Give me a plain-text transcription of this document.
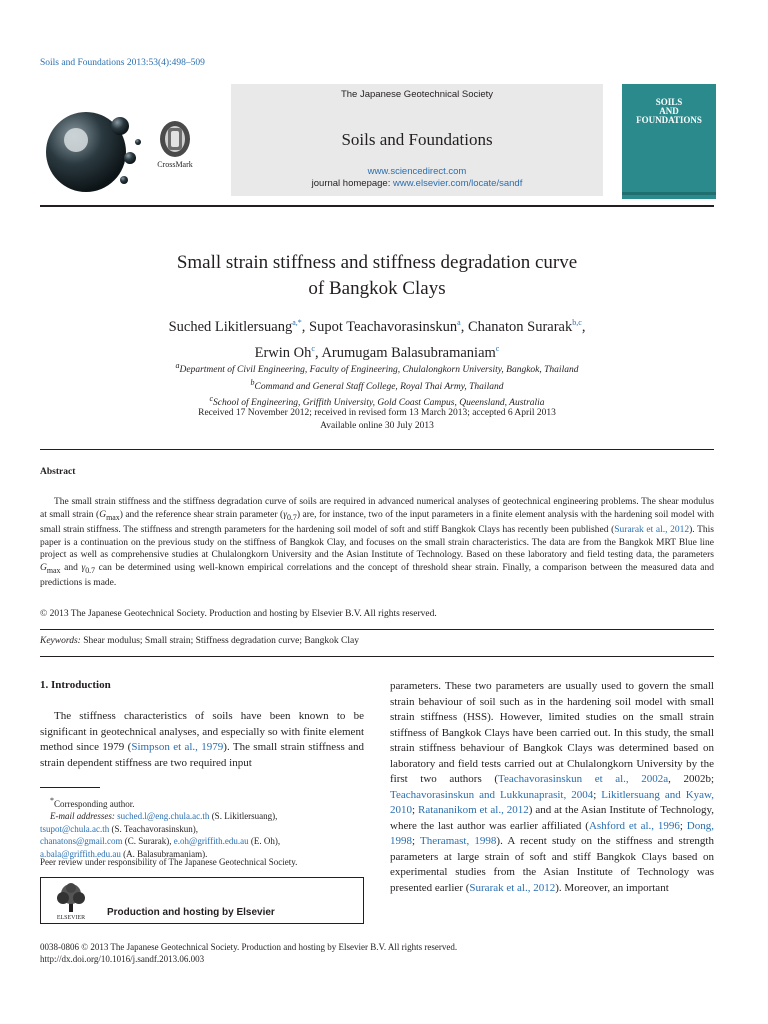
Soils and Foundations 2013:53(4):498–509
CrossMark
The Japanese Geotechnical Society
Soils and Foundations
www.sciencedirect.com
journal homepage: www.elsevier.com/locate/sandf
SOILS
AND
FOUNDATIONS
Small strain stiffness and stiffness degradation curve
of Bangkok Clays
Suched Likitlersuang$^{a,*}$, Supot Teachavorasinskun$^a$, Chanaton Surarak$^{b,c}$,
Erwin Oh$^c$, Arumugam Balasubramaniam$^c$
$^a$Department of Civil Engineering, Faculty of Engineering, Chulalongkorn University, Bangkok, Thailand
$^b$Command and General Staff College, Royal Thai Army, Thailand
$^c$School of Engineering, Griffith University, Gold Coast Campus, Queensland, Australia
Received 17 November 2012; received in revised form 13 March 2013; accepted 6 April 2013
Available online 30 July 2013
Abstract

The small strain stiffness and the stiffness degradation curve of soils are required in advanced numerical analyses of geotechnical engineering problems. The shear modulus at small strain $(G_{max})$ and the reference shear strain parameter $(\gamma_{0.7})$ are, for instance, two of the input parameters in a finite element analysis with the hardening soil model with small strain stiffness. The stiffness and strength parameters for the hardening soil model of soft and stiff Bangkok Clays has recently been published (Surarak et al., 2012). This paper is a continuation on the previous study on the stiffness of Bangkok Clay, and focuses on the small strain characteristics. The data are from the Bangkok MRT Blue line project as well as comprehensive studies at Chulalongkorn University and the Asian Institute of Technology. Based on these laboratory and field testing data, the parameters $G_{max}$ and $\gamma_{0.7}$ can be determined using well-known empirical correlations and the concept of threshold shear strain. Finally, a comparison between the measured data and predictions is made.

© 2013 The Japanese Geotechnical Society. Production and hosting by Elsevier B.V. All rights reserved.
Keywords: Shear modulus; Small strain; Stiffness degradation curve; Bangkok Clay
1. Introduction

The stiffness characteristics of soils have been known to be significant in geotechnical analyses, and especially so with finite element method since 1979 (Simpson et al., 1979). The small strain stiffness and strain dependent stiffness are two required input

*Corresponding author.
E-mail addresses: suched.l@eng.chula.ac.th (S. Likitlersuang),
tsupot@chula.ac.th (S. Teachavorasinskun),
chanatons@gmail.com (C. Surarak), e.oh@griffith.edu.au (E. Oh),
a.bala@griffith.edu.au (A. Balasubramaniam).
Peer review under responsibility of The Japanese Geotechnical Society.
ELSEVIER Production and hosting by Elsevier

parameters. These two parameters are usually used to govern the small strain behaviour of soil such as in the hardening soil model with small strain stiffness (HSS). However, limited studies on the small strain stiffness of Bangkok Clays have been carried out. In this study, the small strain stiffness behaviour of Bangkok Clays was determined based on laboratory and field tests carried out at Chulalongkorn University by the first two authors (Teachavorasinskun et al., 2002a, 2002b; Teachavorasinskun and Lukkunaprasit, 2004; Likitlersuang and Kyaw, 2010; Ratananikom et al., 2012) and at the Asian Institute of Technology, where the last author was earlier affiliated (Ashford et al., 1996; Dong, 1998; Theramast, 1998). A recent study on the stiffness and strength parameters at large strain of soft and stiff Bangkok Clays based on experimental studies from the Asian Institute of Technology was presented earlier (Surarak et al., 2012). Moreover, an important

0038-0806 © 2013 The Japanese Geotechnical Society. Production and hosting by Elsevier B.V. All rights reserved.
http://dx.doi.org/10.1016/j.sandf.2013.06.003
